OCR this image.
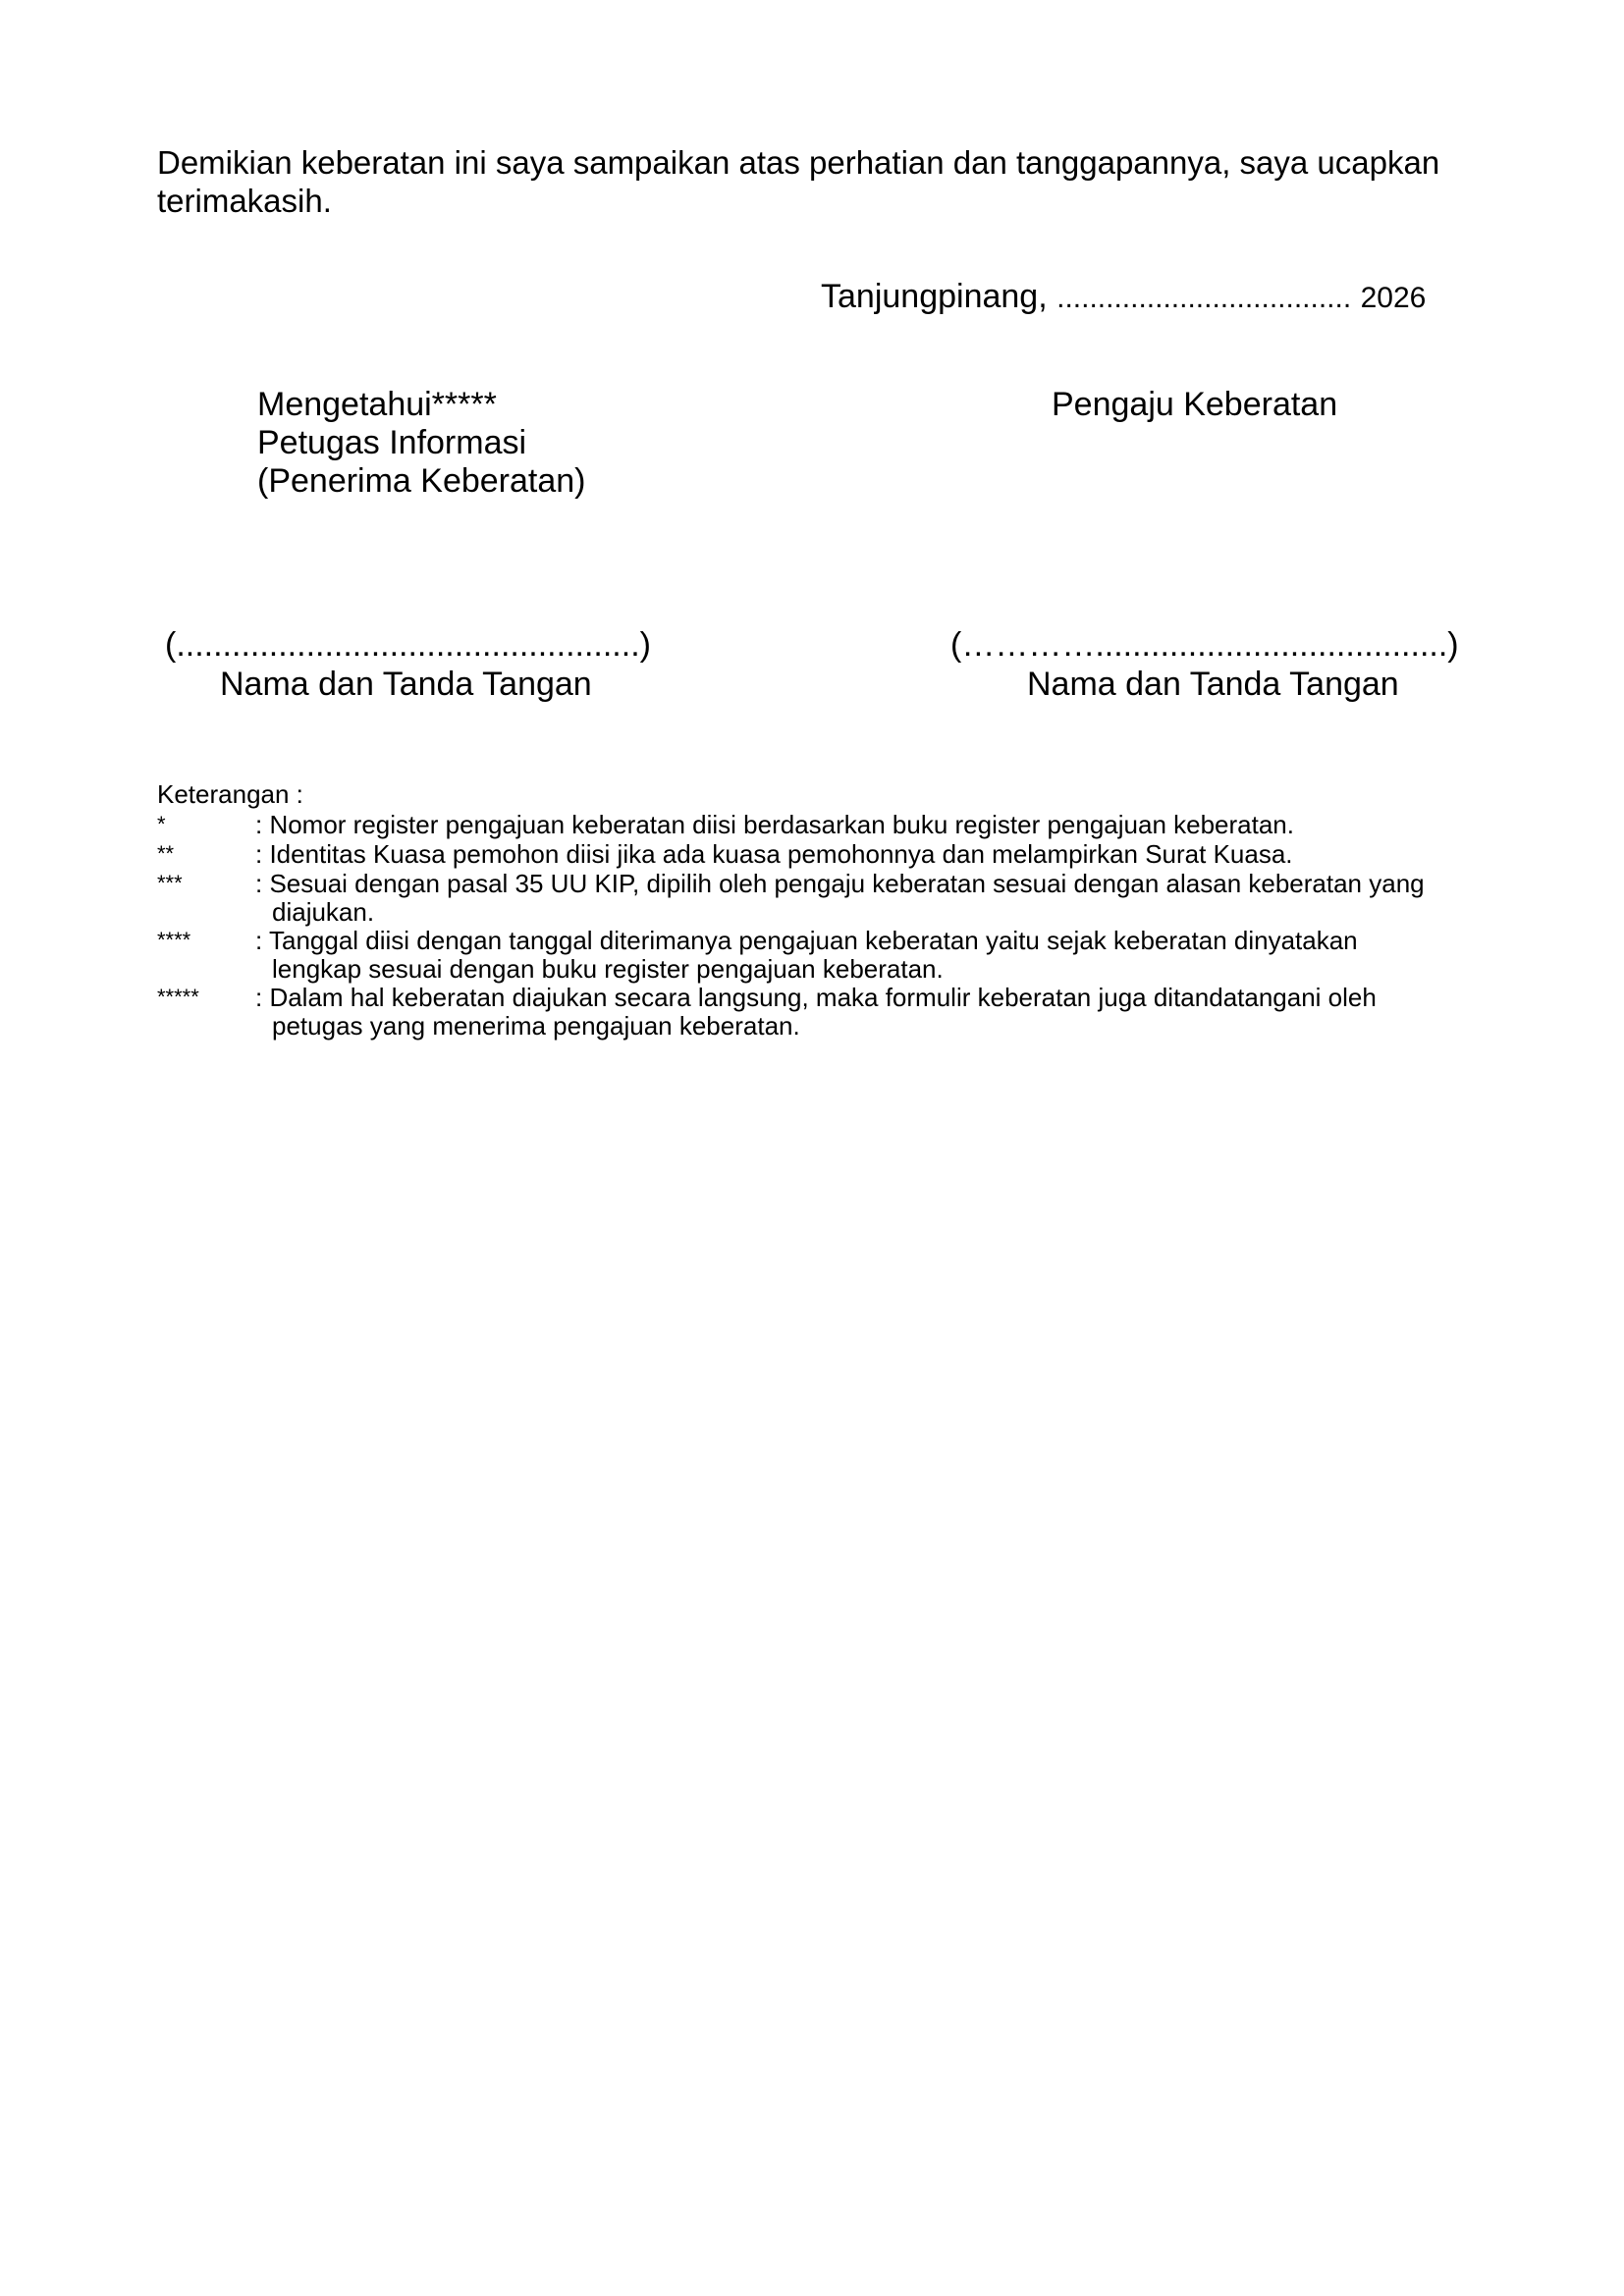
Demikian keberatan ini saya sampaikan atas perhatian dan tanggapannya, saya ucapkan

terimakasih.

Tanjungpinang, .................................... 2026
Mengetahui*****
Petugas Informasi
(Penerima Keberatan)
Pengaju Keberatan
(..................................................)
Nama dan Tanda Tangan
(…………......................................)
Nama dan Tanda Tangan
Keterangan :
*	: Nomor register pengajuan keberatan diisi berdasarkan buku register pengajuan keberatan.
**	: Identitas Kuasa pemohon diisi jika ada kuasa pemohonnya dan melampirkan Surat Kuasa.
***	: Sesuai dengan pasal 35 UU KIP, dipilih oleh pengaju keberatan sesuai dengan alasan keberatan yang
diajukan.
****	: Tanggal diisi dengan tanggal diterimanya pengajuan keberatan yaitu sejak keberatan dinyatakan
lengkap sesuai dengan buku register pengajuan keberatan.
*****	: Dalam hal keberatan diajukan secara langsung, maka formulir keberatan juga ditandatangani oleh
petugas yang menerima pengajuan keberatan.
